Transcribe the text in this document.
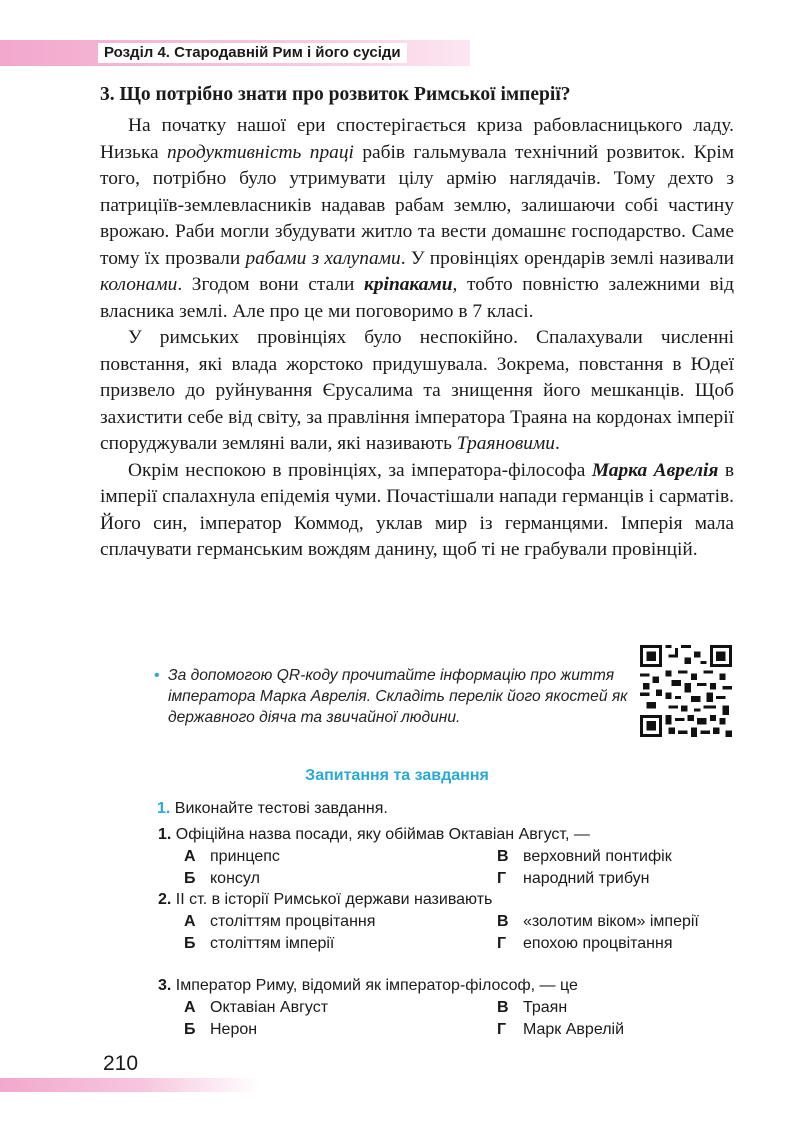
Розділ 4. Стародавній Рим і його сусіди
3. Що потрібно знати про розвиток Римської імперії?

На початку нашої ери спостерігається криза рабовласницького ладу. Низька продуктивність праці рабів гальмувала технічний розвиток. Крім того, потрібно було утримувати цілу армію наглядачів. Тому дехто з патриціїв-землевласників надавав рабам землю, залишаючи собі частину врожаю. Раби могли збудувати житло та вести домашнє господарство. Саме тому їх прозвали рабами з халупами. У провінціях орендарів землі називали колонами. Згодом вони стали кріпаками, тобто повністю залежними від власника землі. Але про це ми поговоримо в 7 класі.

У римських провінціях було неспокійно. Спалахували численні повстання, які влада жорстоко придушувала. Зокрема, повстання в Юдеї призвело до руйнування Єрусалима та знищення його мешканців. Щоб захистити себе від світу, за правління імператора Траяна на кордонах імперії споруджували земляні вали, які називають Траяновими.

Окрім неспокою в провінціях, за імператора-філософа Марка Аврелія в імперії спалахнула епідемія чуми. Почастішали напади германців і сарматів. Його син, імператор Коммод, уклав мир із германцями. Імперія мала сплачувати германським вождям данину, щоб ті не грабували провінцій.

• За допомогою QR-коду прочитайте інформацію про життя імператора Марка Аврелія. Складіть перелік його якостей як державного діяча та звичайної людини.
Запитання та завдання
1. Виконайте тестові завдання.
1. Офіційна назва посади, яку обіймав Октавіан Август, —
А принцепс	В верховний понтифік
Б консул	Г народний трибун
2. II ст. в історії Римської держави називають
А століттям процвітання	В «золотим віком» імперії
Б століттям імперії	Г епохою процвітання
3. Імператор Риму, відомий як імператор-філософ, — це
А Октавіан Август	В Траян
Б Нерон	Г Марк Аврелій
210
